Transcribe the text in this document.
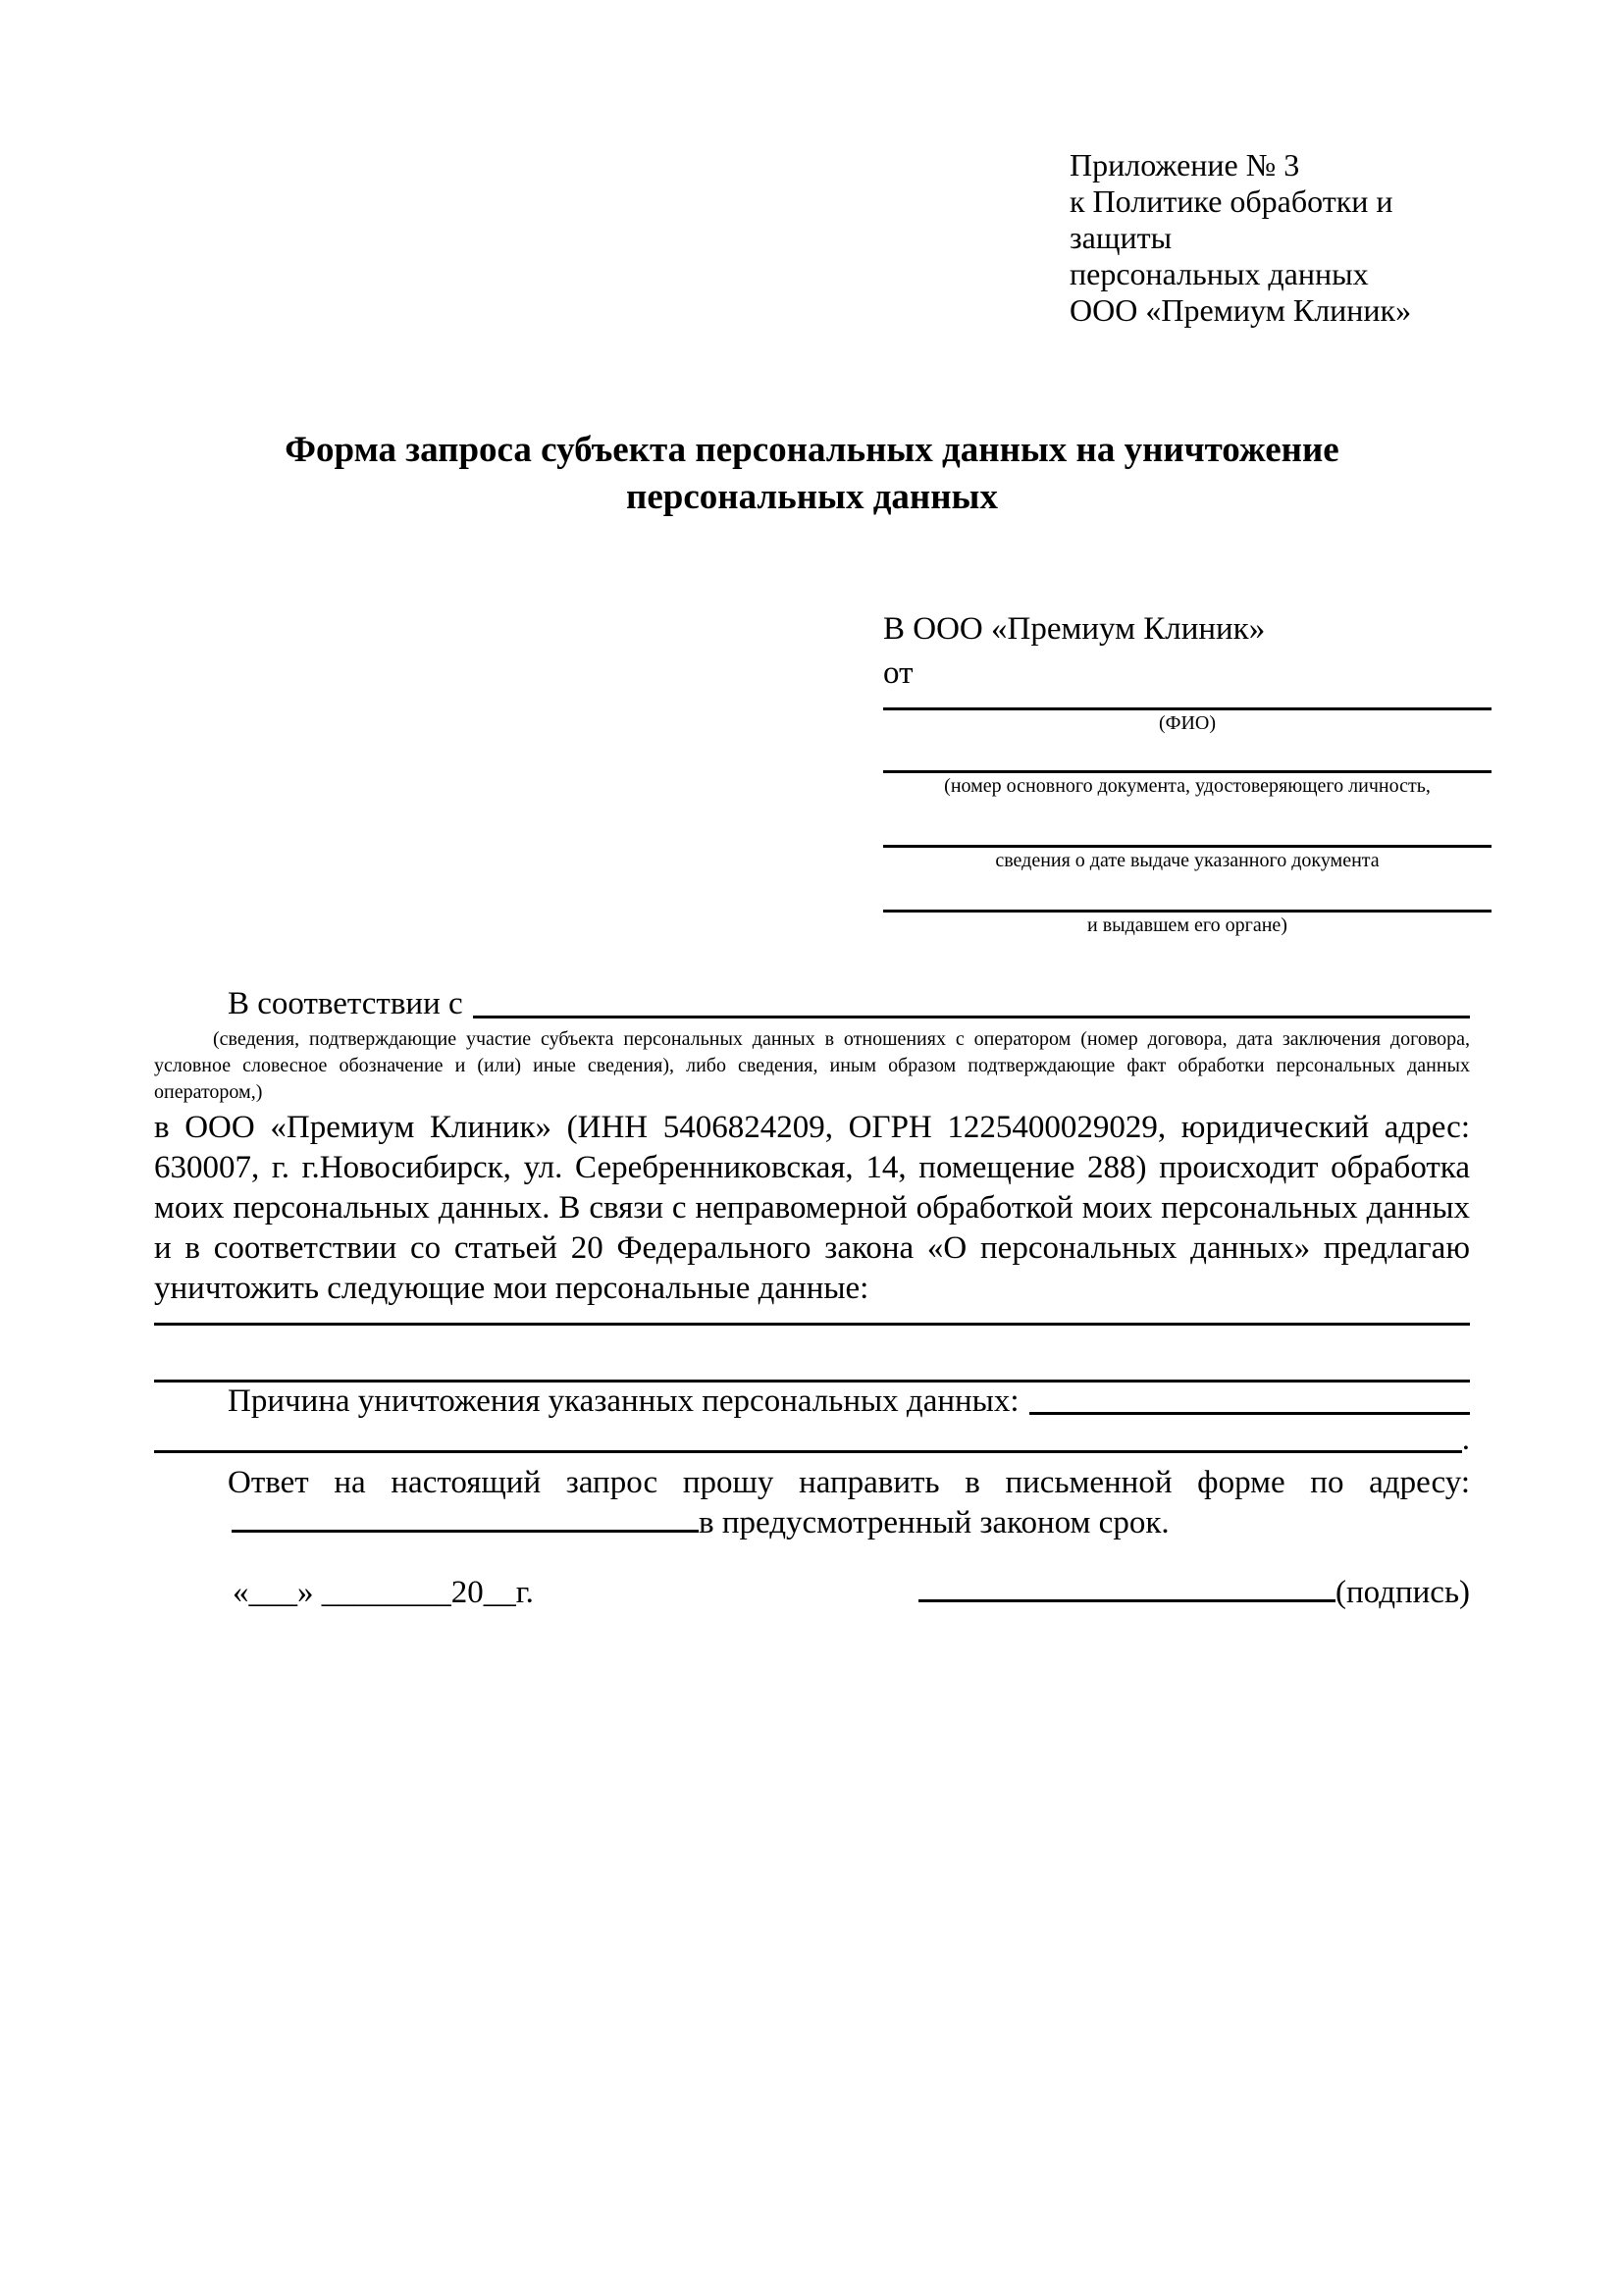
Приложение № 3
к Политике обработки и защиты
персональных данных
ООО «Премиум Клиник»
Форма запроса субъекта персональных данных на уничтожение персональных данных
В ООО «Премиум Клиник»
от
(ФИО)
(номер основного документа, удостоверяющего личность,
сведения о дате выдаче указанного документа
и выдавшем его органе)
В соответствии с
(сведения, подтверждающие участие субъекта персональных данных в отношениях с оператором (номер договора, дата заключения договора, условное словесное обозначение и (или) иные сведения), либо сведения, иным образом подтверждающие факт обработки персональных данных оператором,)
в ООО «Премиум Клиник» (ИНН 5406824209, ОГРН 1225400029029, юридический адрес: 630007, г. г.Новосибирск, ул. Серебренниковская, 14, помещение 288) происходит обработка моих персональных данных. В связи с неправомерной обработкой моих персональных данных и в соответствии со статьей 20 Федерального закона «О персональных данных» предлагаю уничтожить следующие мои персональные данные:
Причина уничтожения указанных персональных данных:
.
Ответ на настоящий запрос прошу направить в письменной форме по адресу:
в предусмотренный законом срок.
«___» ________20__г.	(подпись)
